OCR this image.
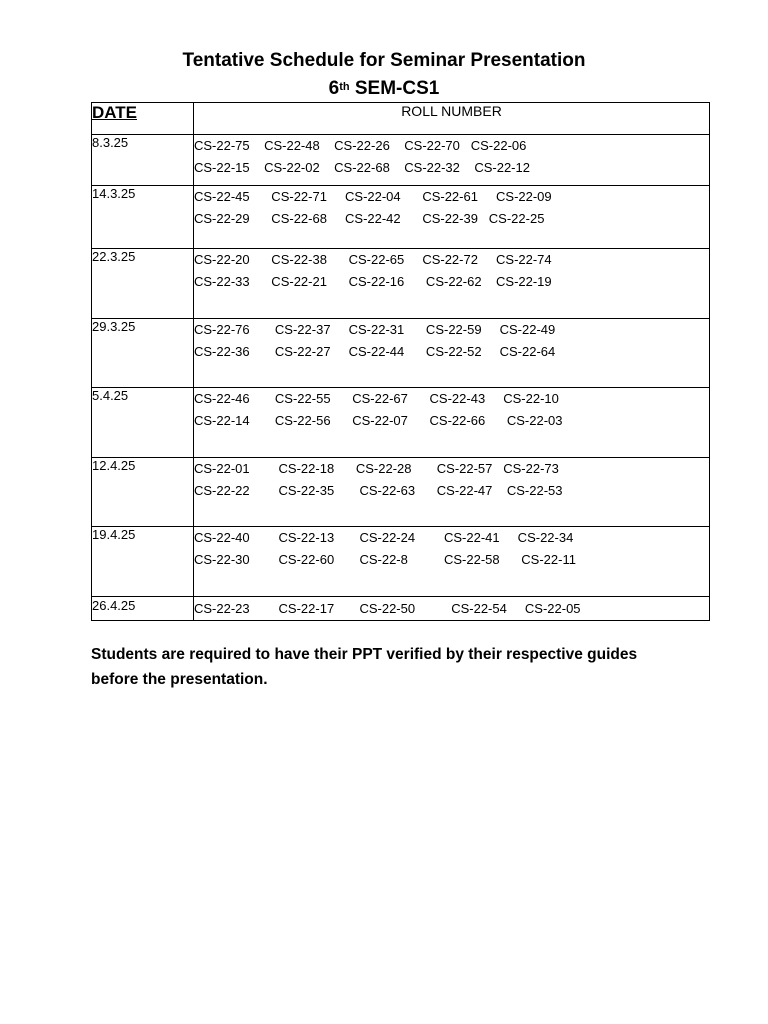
Tentative Schedule for Seminar Presentation
6th SEM-CS1
DATE	ROLL NUMBER
8.3.25	CS-22-75    CS-22-48    CS-22-26    CS-22-70   CS-22-06
CS-22-15    CS-22-02    CS-22-68    CS-22-32    CS-22-12

14.3.25	CS-22-45      CS-22-71     CS-22-04      CS-22-61     CS-22-09
CS-22-29      CS-22-68     CS-22-42      CS-22-39   CS-22-25

22.3.25	CS-22-20      CS-22-38      CS-22-65     CS-22-72     CS-22-74
CS-22-33      CS-22-21      CS-22-16      CS-22-62    CS-22-19

29.3.25	CS-22-76       CS-22-37     CS-22-31      CS-22-59     CS-22-49
CS-22-36       CS-22-27     CS-22-44      CS-22-52     CS-22-64

5.4.25	CS-22-46       CS-22-55      CS-22-67      CS-22-43     CS-22-10
CS-22-14       CS-22-56      CS-22-07      CS-22-66      CS-22-03

12.4.25	CS-22-01        CS-22-18      CS-22-28       CS-22-57   CS-22-73
CS-22-22        CS-22-35       CS-22-63      CS-22-47    CS-22-53

19.4.25	CS-22-40        CS-22-13       CS-22-24        CS-22-41     CS-22-34
CS-22-30        CS-22-60       CS-22-8          CS-22-58      CS-22-11

26.4.25	CS-22-23        CS-22-17       CS-22-50          CS-22-54     CS-22-05
Students are required to have their PPT verified by their respective guides
before the presentation.
